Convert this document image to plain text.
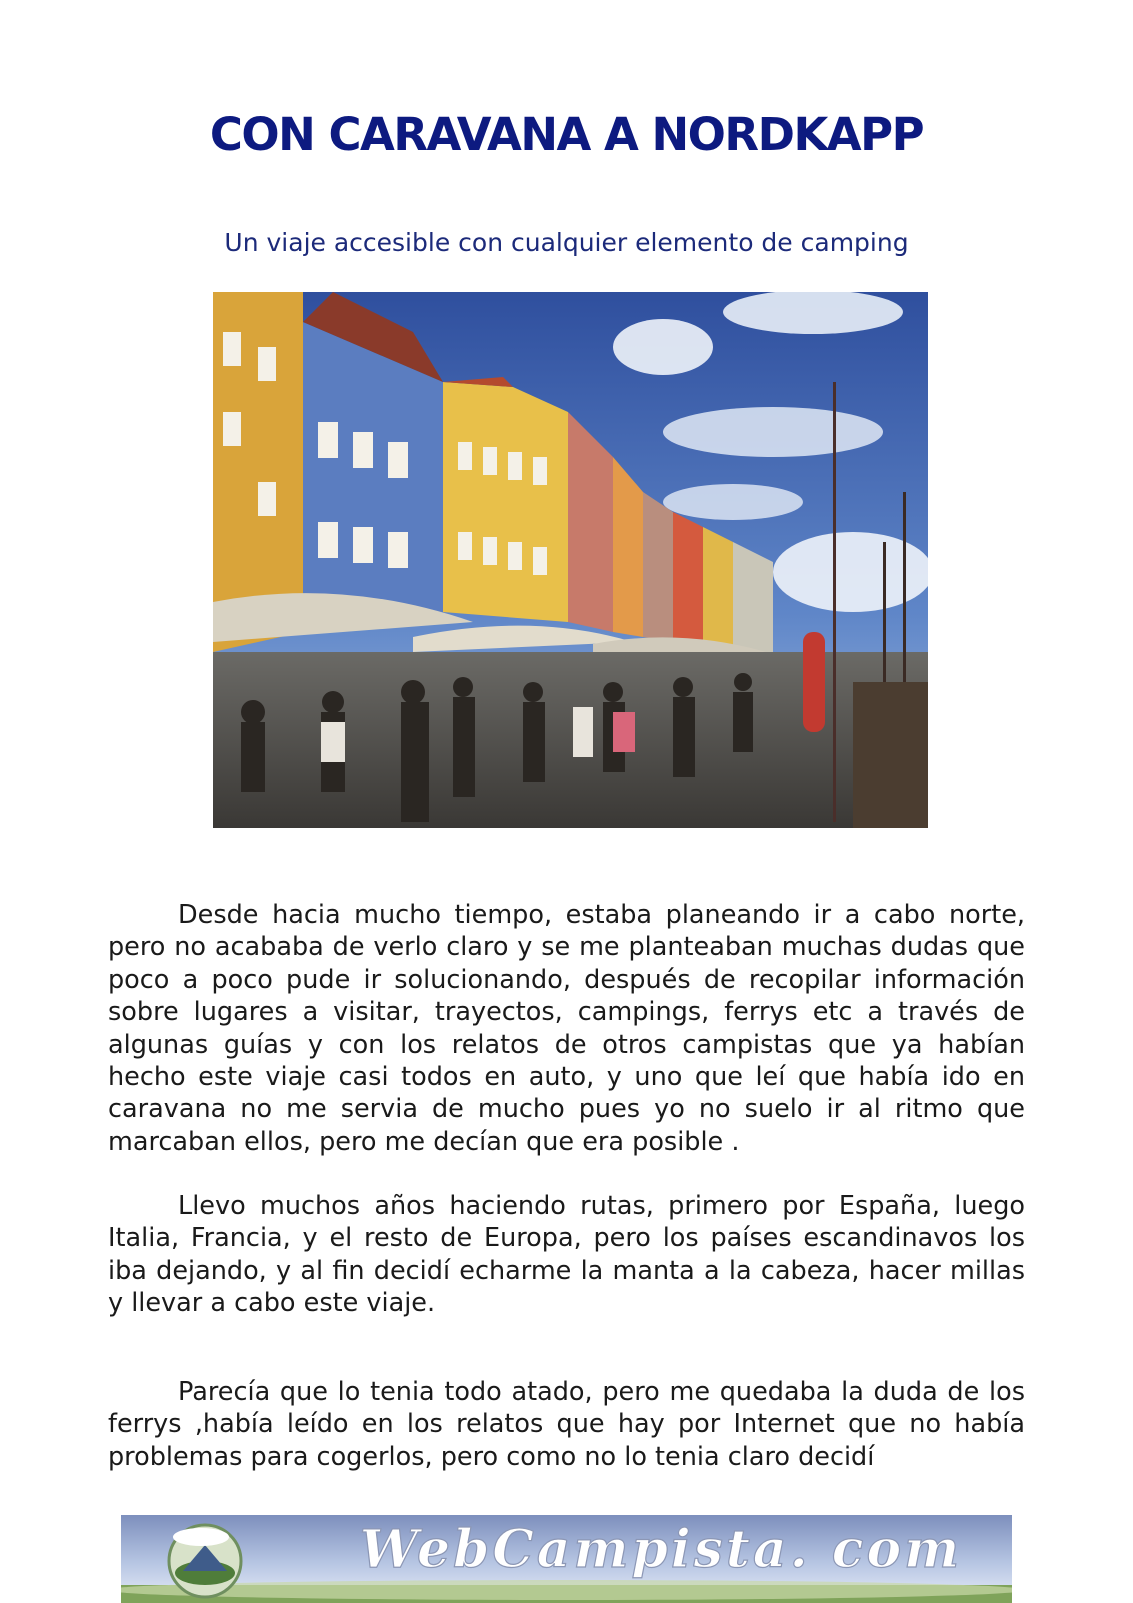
CON CARAVANA A NORDKAPP

Un viaje accesible con cualquier elemento de camping

Desde hacia mucho tiempo, estaba planeando ir a cabo norte, pero no acababa de verlo claro y se me planteaban muchas dudas que poco a poco pude ir solucionando, después de recopilar información sobre lugares a visitar, trayectos, campings, ferrys etc a través de algunas guías y con los relatos de otros campistas que ya habían hecho este viaje casi todos en auto, y uno que leí que había ido en caravana no me servia de mucho pues yo no suelo ir al ritmo que marcaban ellos, pero me decían que era posible .

Llevo muchos años haciendo rutas, primero por España, luego Italia, Francia, y el resto de Europa, pero los países escandinavos los iba dejando, y al fin decidí echarme la manta a la cabeza, hacer millas y llevar a cabo este viaje.

Parecía que lo tenia todo atado, pero me quedaba la duda de los ferrys ,había leído en los relatos que hay por Internet que no había problemas para cogerlos, pero como no lo tenia claro decidí

WebCampista. com
